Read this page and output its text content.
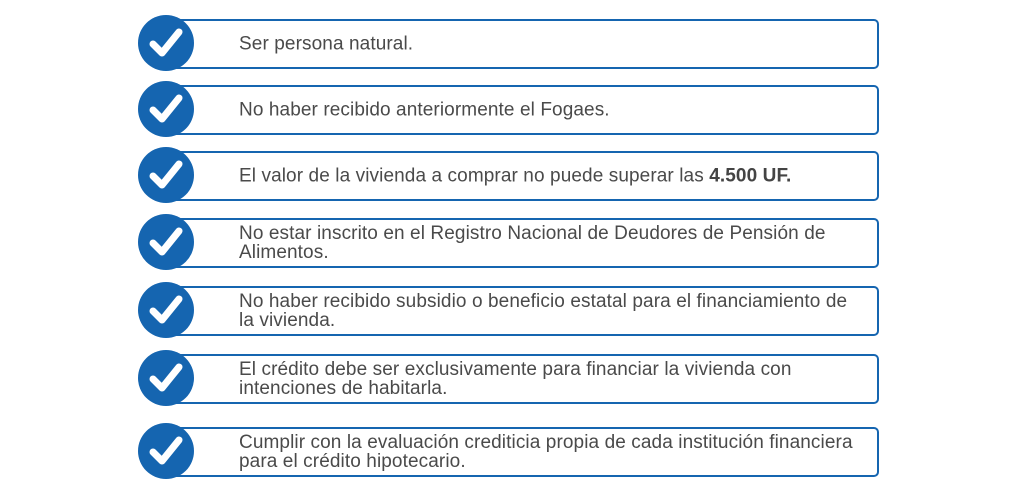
Ser persona natural.
No haber recibido anteriormente el Fogaes.
El valor de la vivienda a comprar no puede superar las 4.500 UF.
No estar inscrito en el Registro Nacional de Deudores de Pensión de Alimentos.
No haber recibido subsidio o beneficio estatal para el financiamiento de la vivienda.
El crédito debe ser exclusivamente para financiar la vivienda con intenciones de habitarla.
Cumplir con la evaluación crediticia propia de cada institución financiera para el crédito hipotecario.
